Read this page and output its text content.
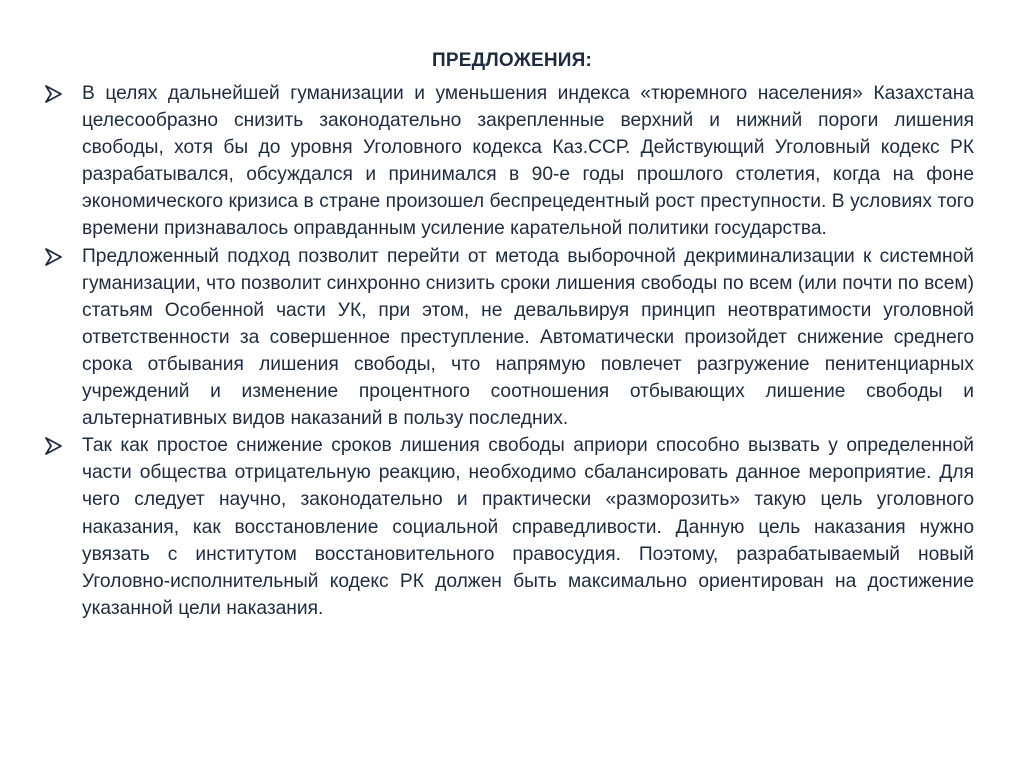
ПРЕДЛОЖЕНИЯ:
В целях дальнейшей гуманизации и уменьшения индекса «тюремного населения» Казахстана целесообразно снизить законодательно закрепленные верхний и нижний пороги лишения свободы, хотя бы до уровня Уголовного кодекса Каз.ССР. Действующий Уголовный кодекс РК разрабатывался, обсуждался и принимался в 90-е годы прошлого столетия, когда на фоне экономического кризиса в стране произошел беспрецедентный рост преступности. В условиях того времени признавалось оправданным усиление карательной политики государства.
Предложенный подход позволит перейти от метода выборочной декриминализации к системной гуманизации, что позволит синхронно снизить сроки лишения свободы по всем (или почти по всем) статьям Особенной части УК, при этом, не девальвируя принцип неотвратимости уголовной ответственности за совершенное преступление. Автоматически произойдет снижение среднего срока отбывания лишения свободы, что напрямую повлечет разгружение пенитенциарных учреждений и изменение процентного соотношения отбывающих лишение свободы и альтернативных видов наказаний в пользу последних.
Так как простое снижение сроков лишения свободы априори способно вызвать у определенной части общества отрицательную реакцию, необходимо сбалансировать данное мероприятие. Для чего следует научно, законодательно и практически «разморозить» такую цель уголовного наказания, как восстановление социальной справедливости. Данную цель наказания нужно увязать с институтом восстановительного правосудия. Поэтому, разрабатываемый новый Уголовно-исполнительный кодекс РК должен быть максимально ориентирован на достижение указанной цели наказания.
